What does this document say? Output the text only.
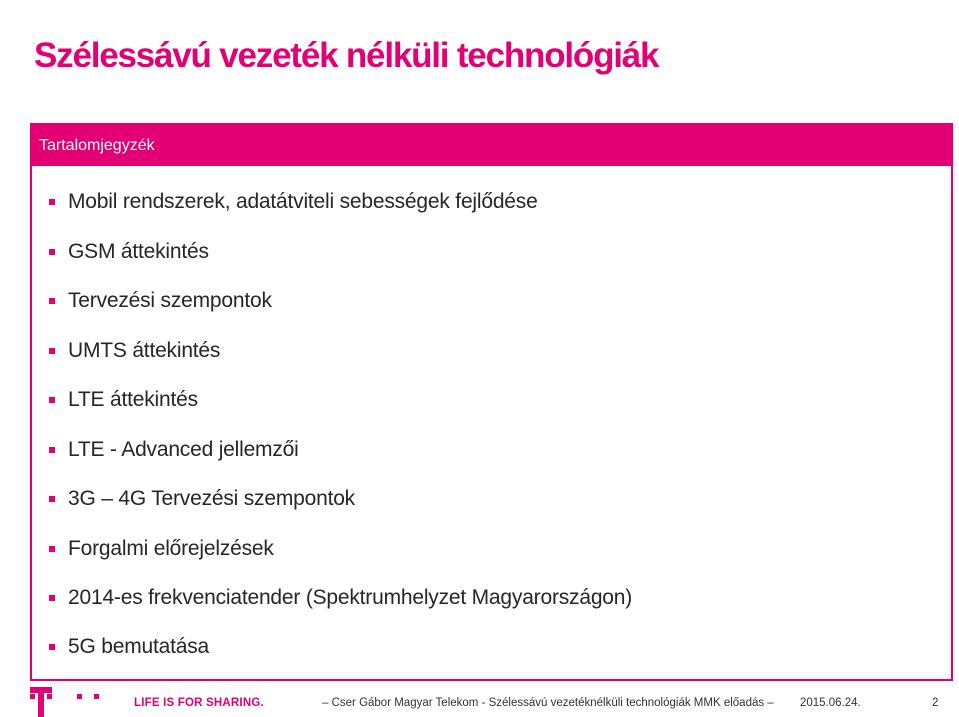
Szélessávú vezeték nélküli technológiák
Tartalomjegyzék
Mobil rendszerek, adatátviteli sebességek fejlődése
GSM áttekintés
Tervezési szempontok
UMTS áttekintés
LTE áttekintés
LTE - Advanced jellemzői
3G – 4G Tervezési szempontok
Forgalmi előrejelzések
2014-es frekvenciatender (Spektrumhelyzet Magyarországon)
5G bemutatása
LIFE IS FOR SHARING.	– Cser Gábor Magyar Telekom - Szélessávú vezetéknélküli technológiák MMK előadás – 2015.06.24.	2
